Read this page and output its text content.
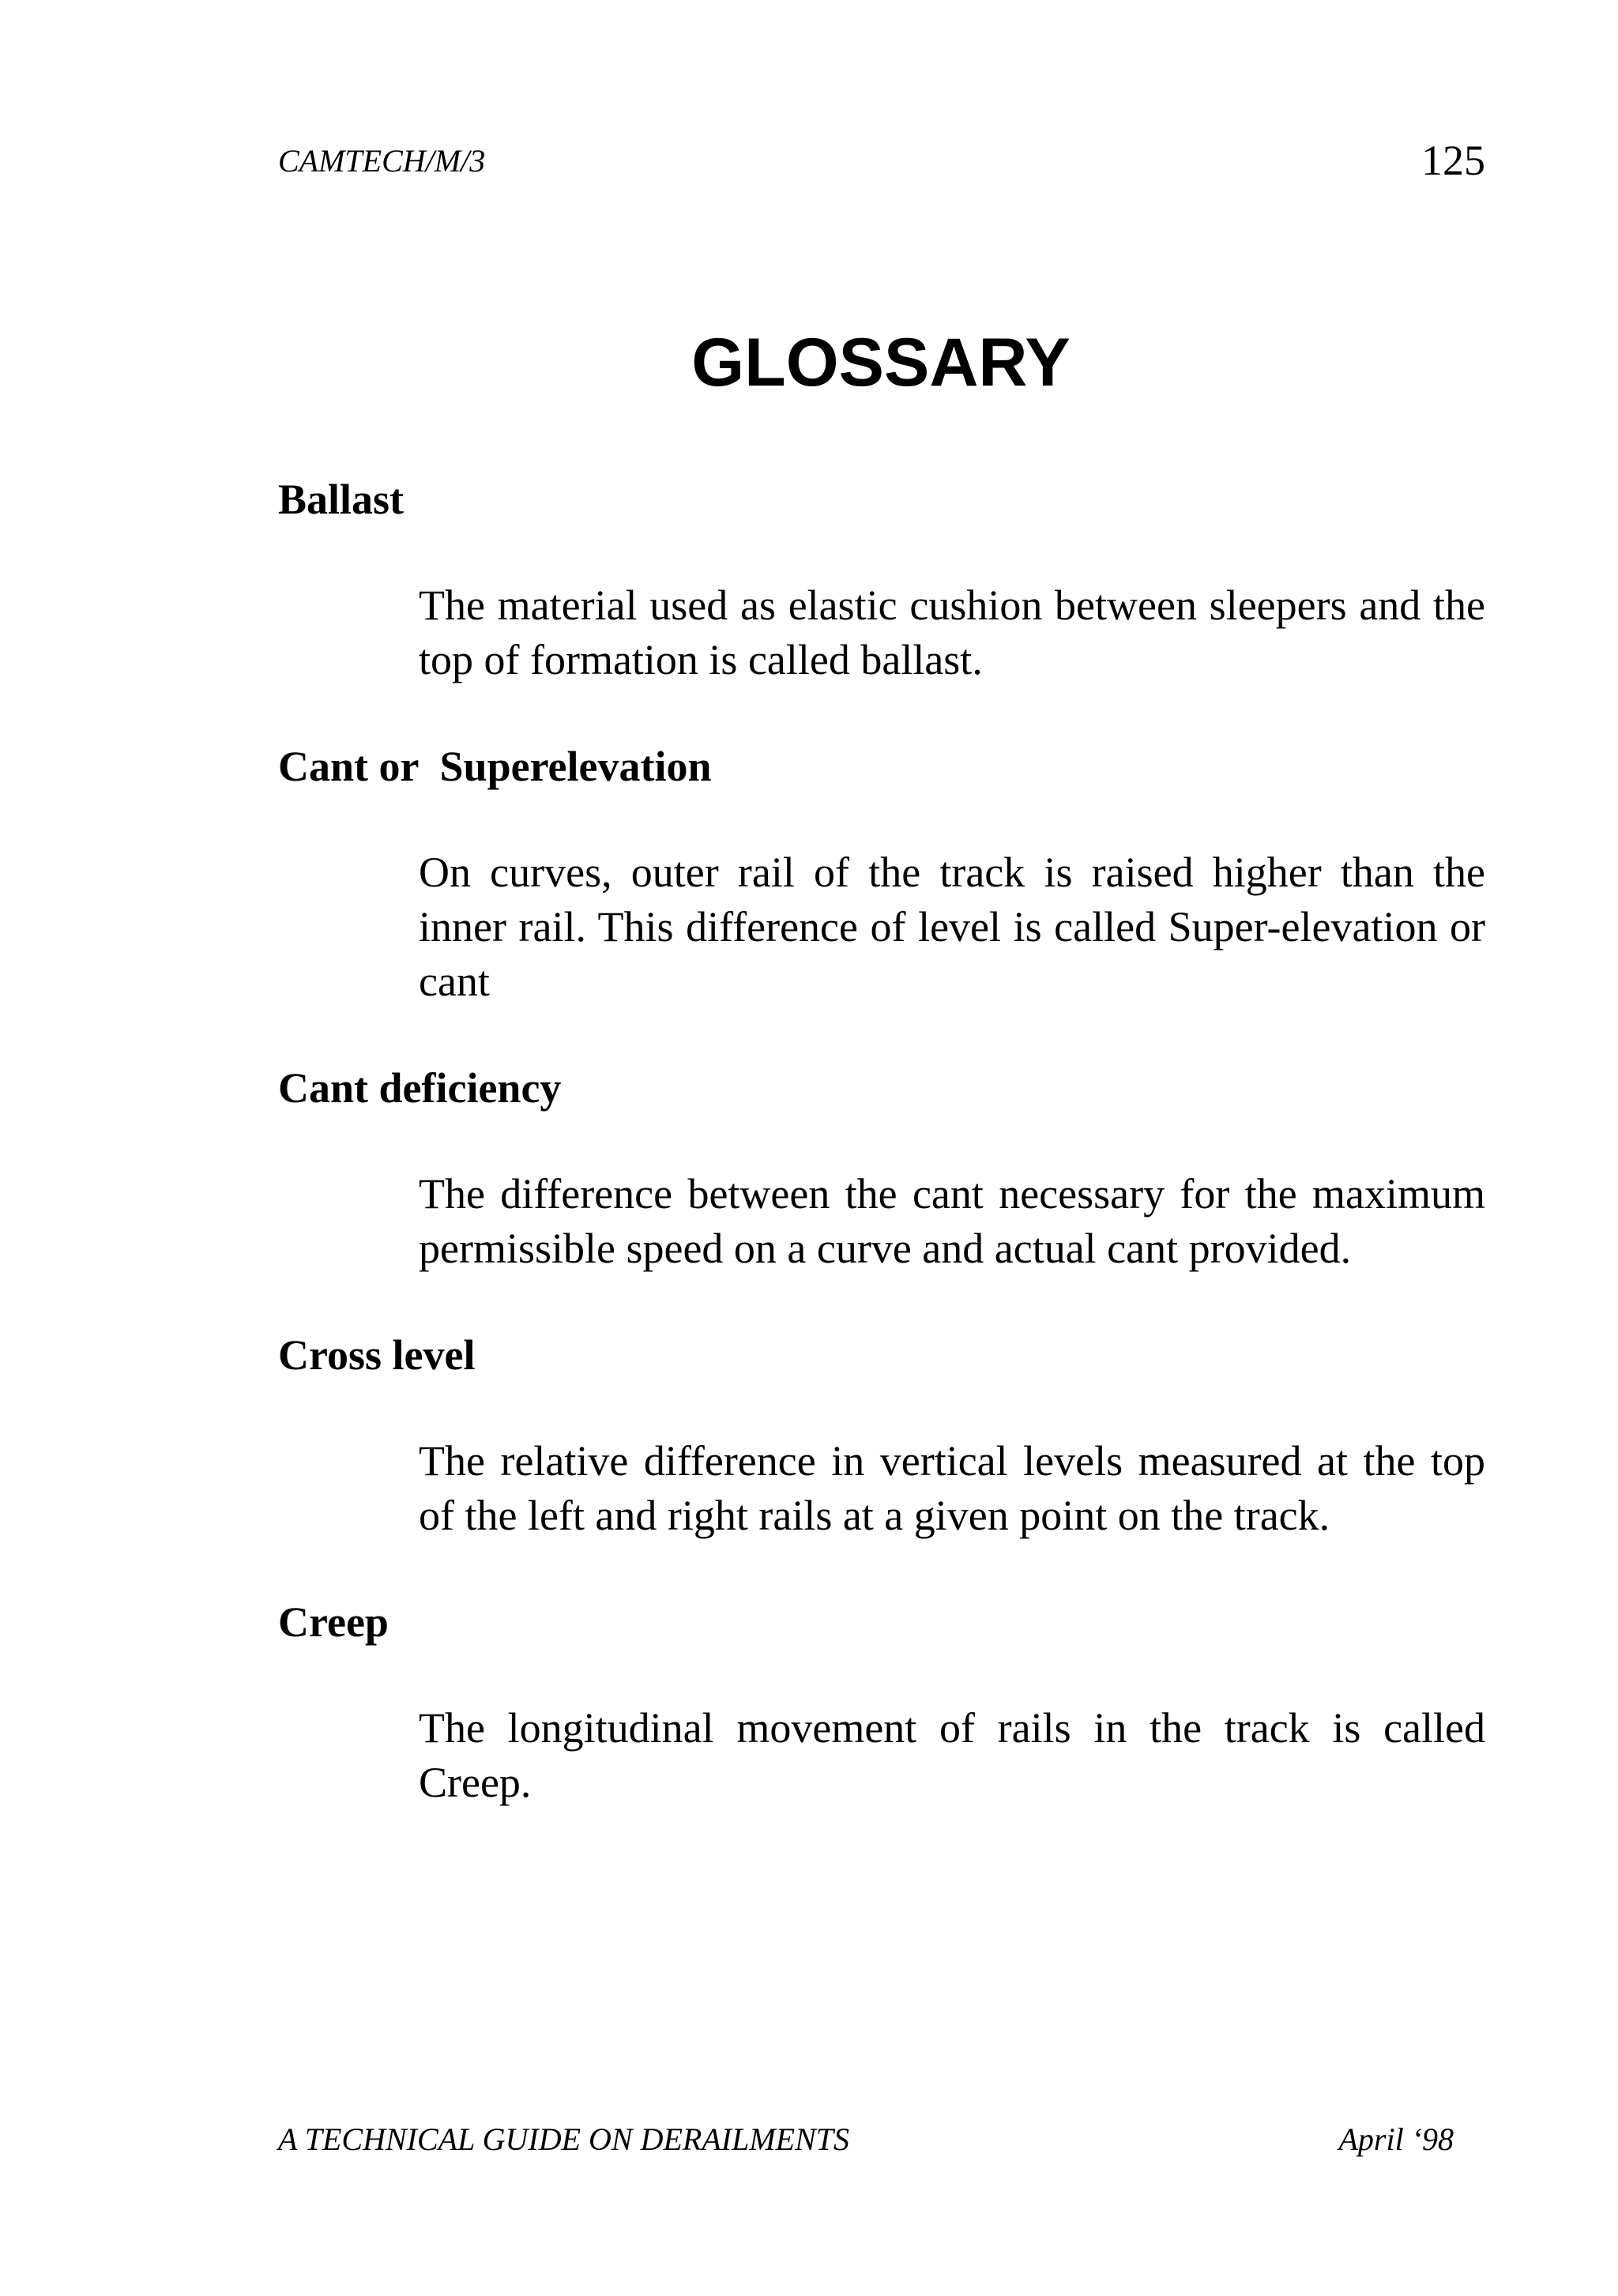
CAMTECH/M/3	125
GLOSSARY

Ballast

The material used as elastic cushion between sleepers and the top of formation is called ballast.

Cant or  Superelevation

On curves, outer rail of the track is raised higher than the inner rail. This difference of level is called Super-elevation or cant

Cant deficiency

The difference between the cant necessary for the maximum permissible speed on a curve and actual cant provided.

Cross level

The relative difference in vertical levels measured at the top of the left and right rails at a given point on the track.

Creep

The longitudinal movement of rails in the track is called Creep.

A TECHNICAL GUIDE ON DERAILMENTS	April ‘98
